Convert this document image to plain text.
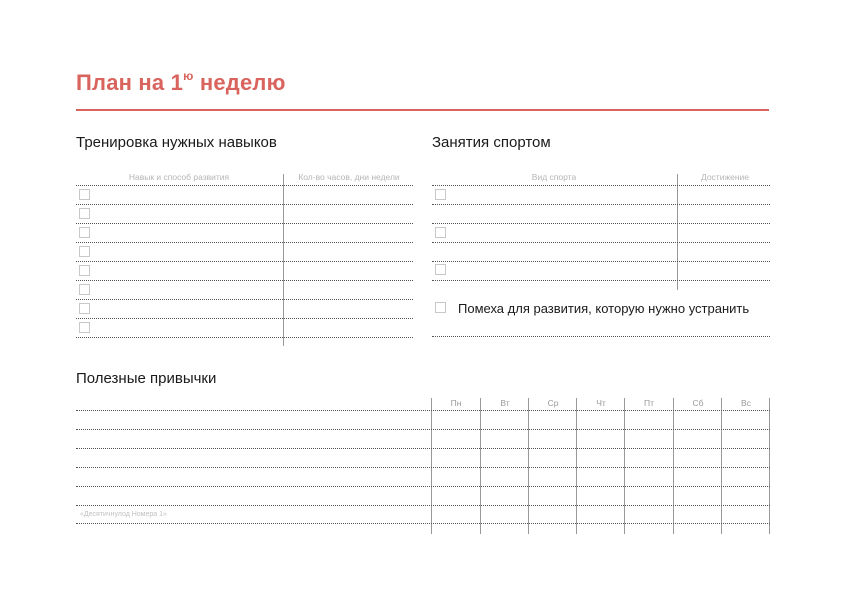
План на $1^ю$ неделю
Тренировка нужных навыков
Навык и способ развития	Кол-во часов, дни недели
Занятия спортом
Вид спорта	Достижение
Помеха для развития, которую нужно устранить
Полезные привычки
Пн	Вт	Ср	Чт	Пт	Сб	Вс
«Десятичнулод Номера 1»
